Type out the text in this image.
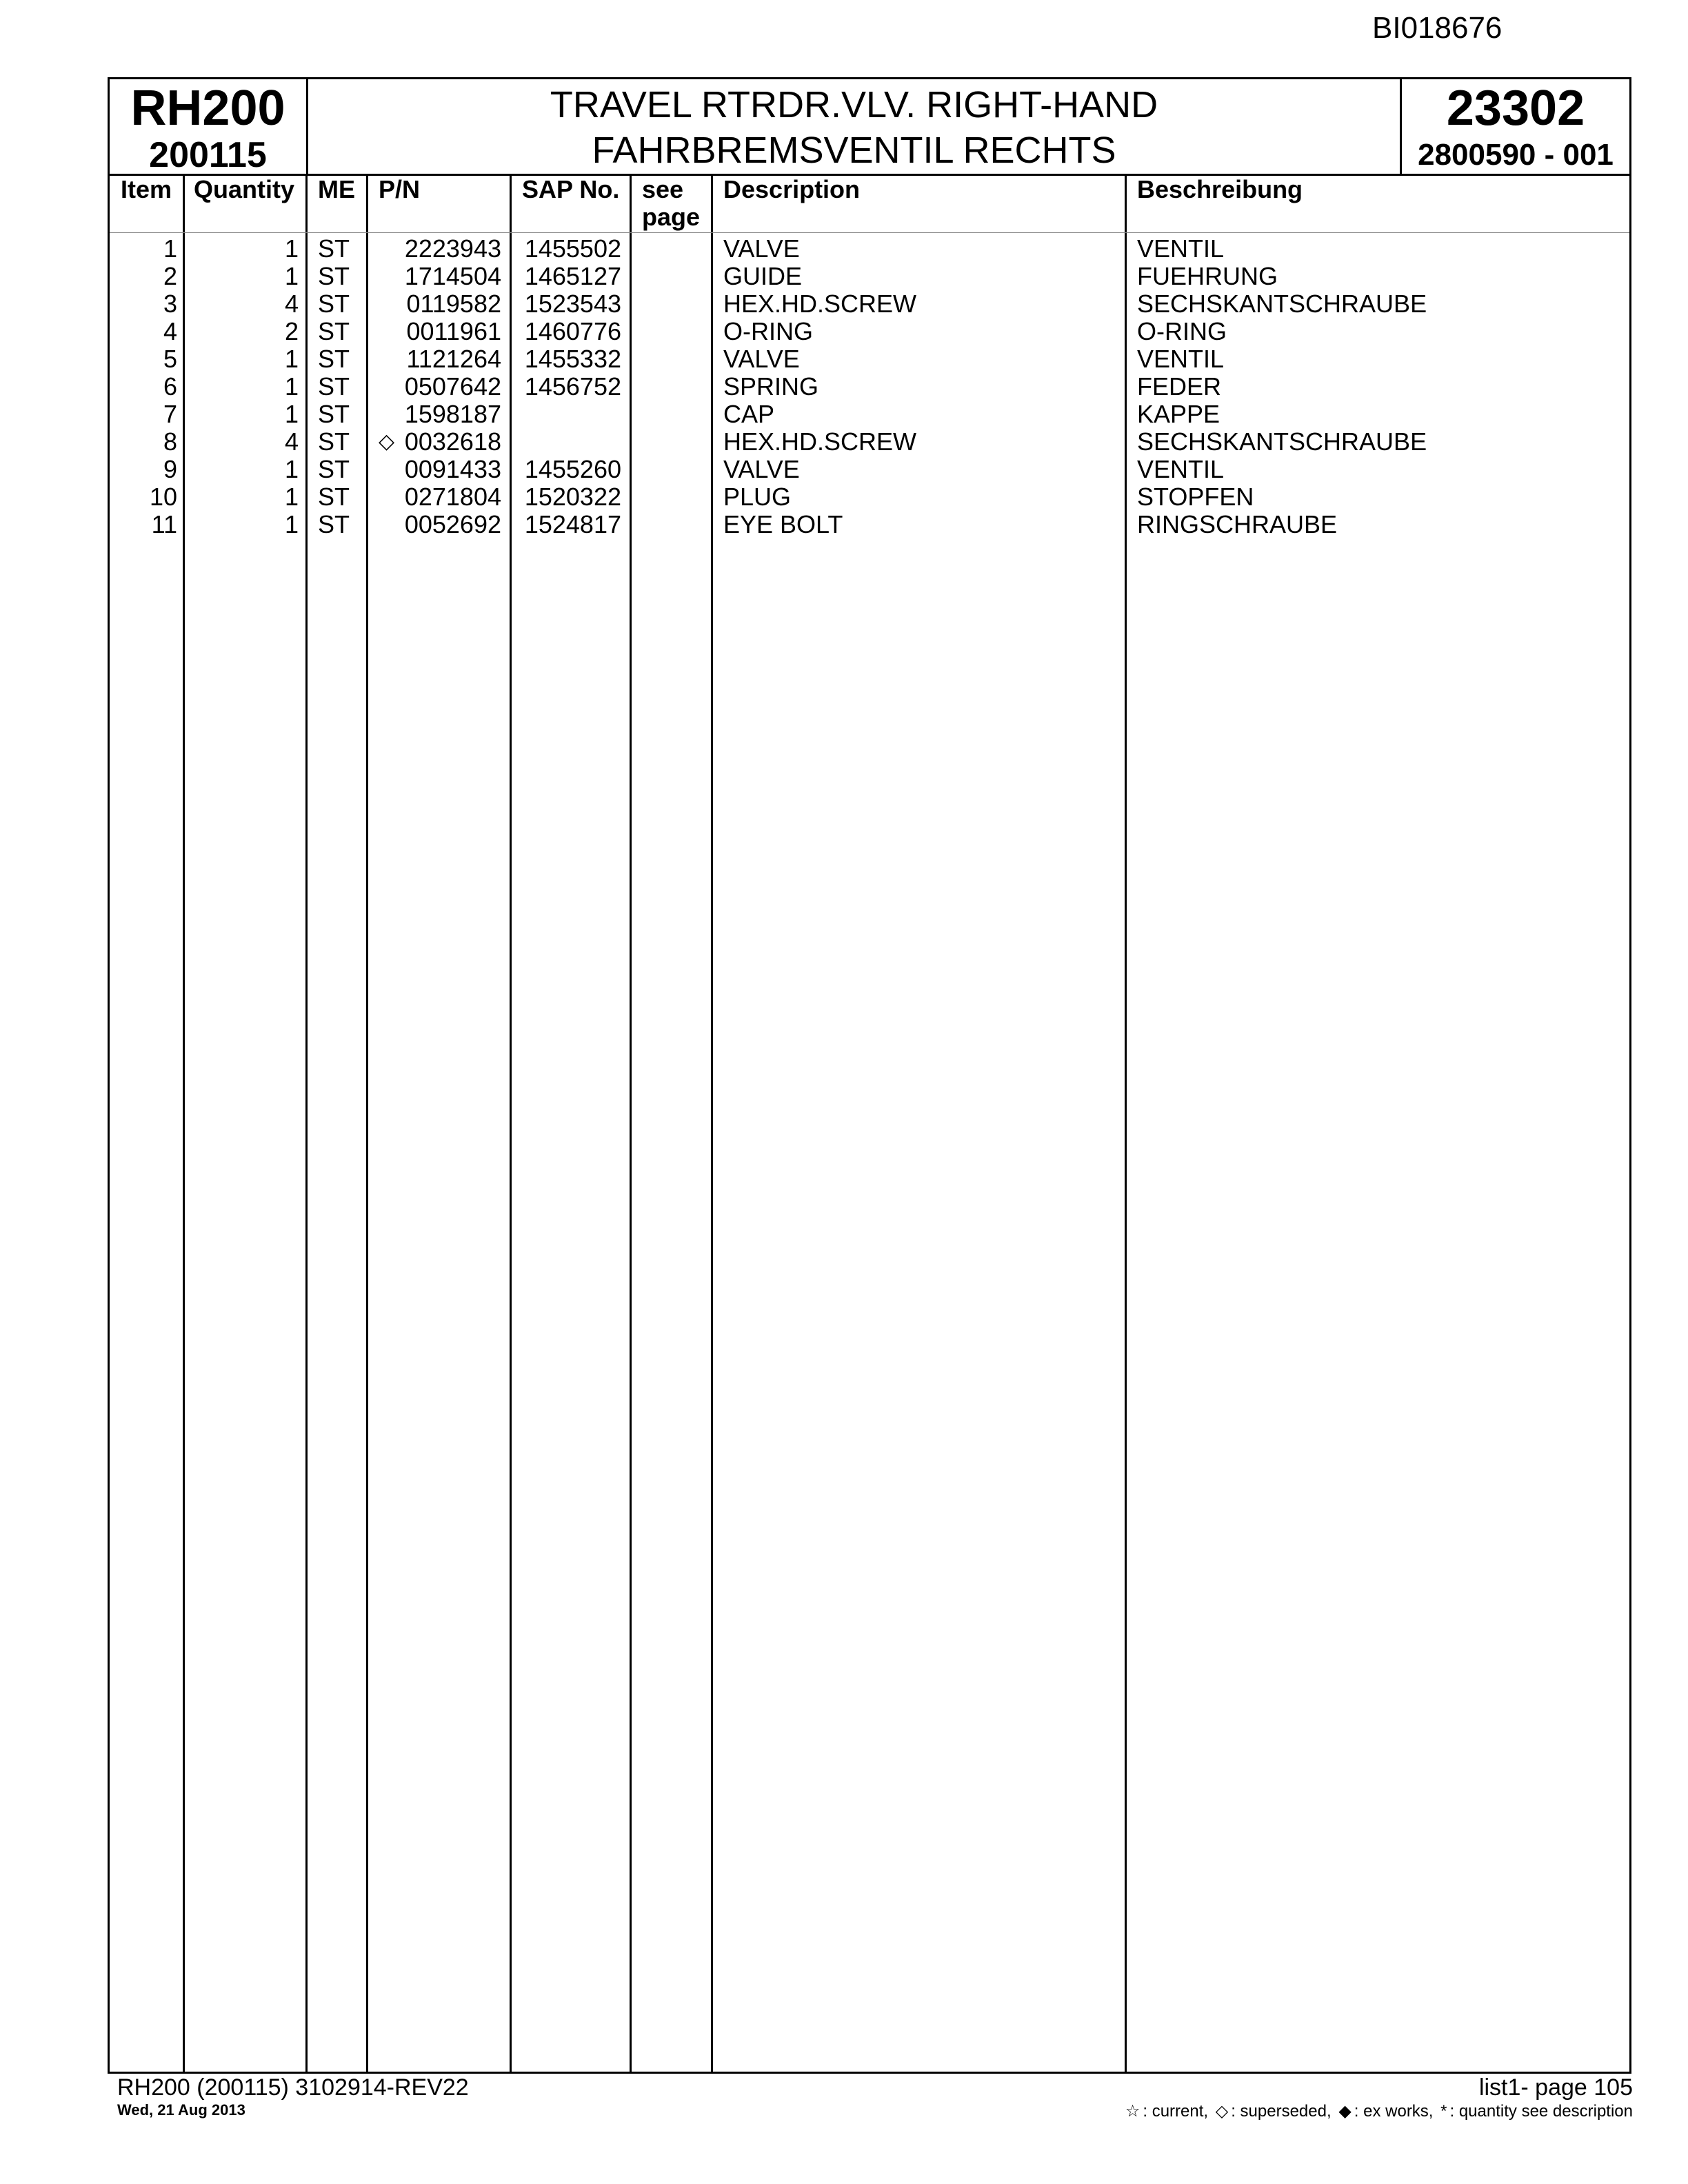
BI018676
RH200
200115
TRAVEL RTRDR.VLV. RIGHT-HAND
FAHRBREMSVENTIL RECHTS
23302
2800590 - 001
Item Quantity ME P/N	SAP No. see
page
Description	Beschreibung
1	1 ST	2223943 1455502	VALVE	VENTIL
2	1 ST	1714504 1465127	GUIDE	FUEHRUNG
3	4 ST	0119582 1523543	HEX.HD.SCREW	SECHSKANTSCHRAUBE
4	2 ST	0011961 1460776	O-RING	O-RING
5	1 ST	1121264 1455332	VALVE	VENTIL
6	1 ST	0507642 1456752	SPRING	FEDER
7	1 ST	1598187	CAP	KAPPE
8	4 ST	0032618	HEX.HD.SCREW	SECHSKANTSCHRAUBE
◇
9	1 ST	0091433 1455260	VALVE	VENTIL
10	1 ST	0271804 1520322	PLUG	STOPFEN
11	1 ST	0052692 1524817	EYE BOLT	RINGSCHRAUBE
RH200 (200115) 3102914-REV22
Wed, 21 Aug 2013
list1- page 105
☆ : current, ◇ : superseded, ◆ : ex works, * : quantity see description
